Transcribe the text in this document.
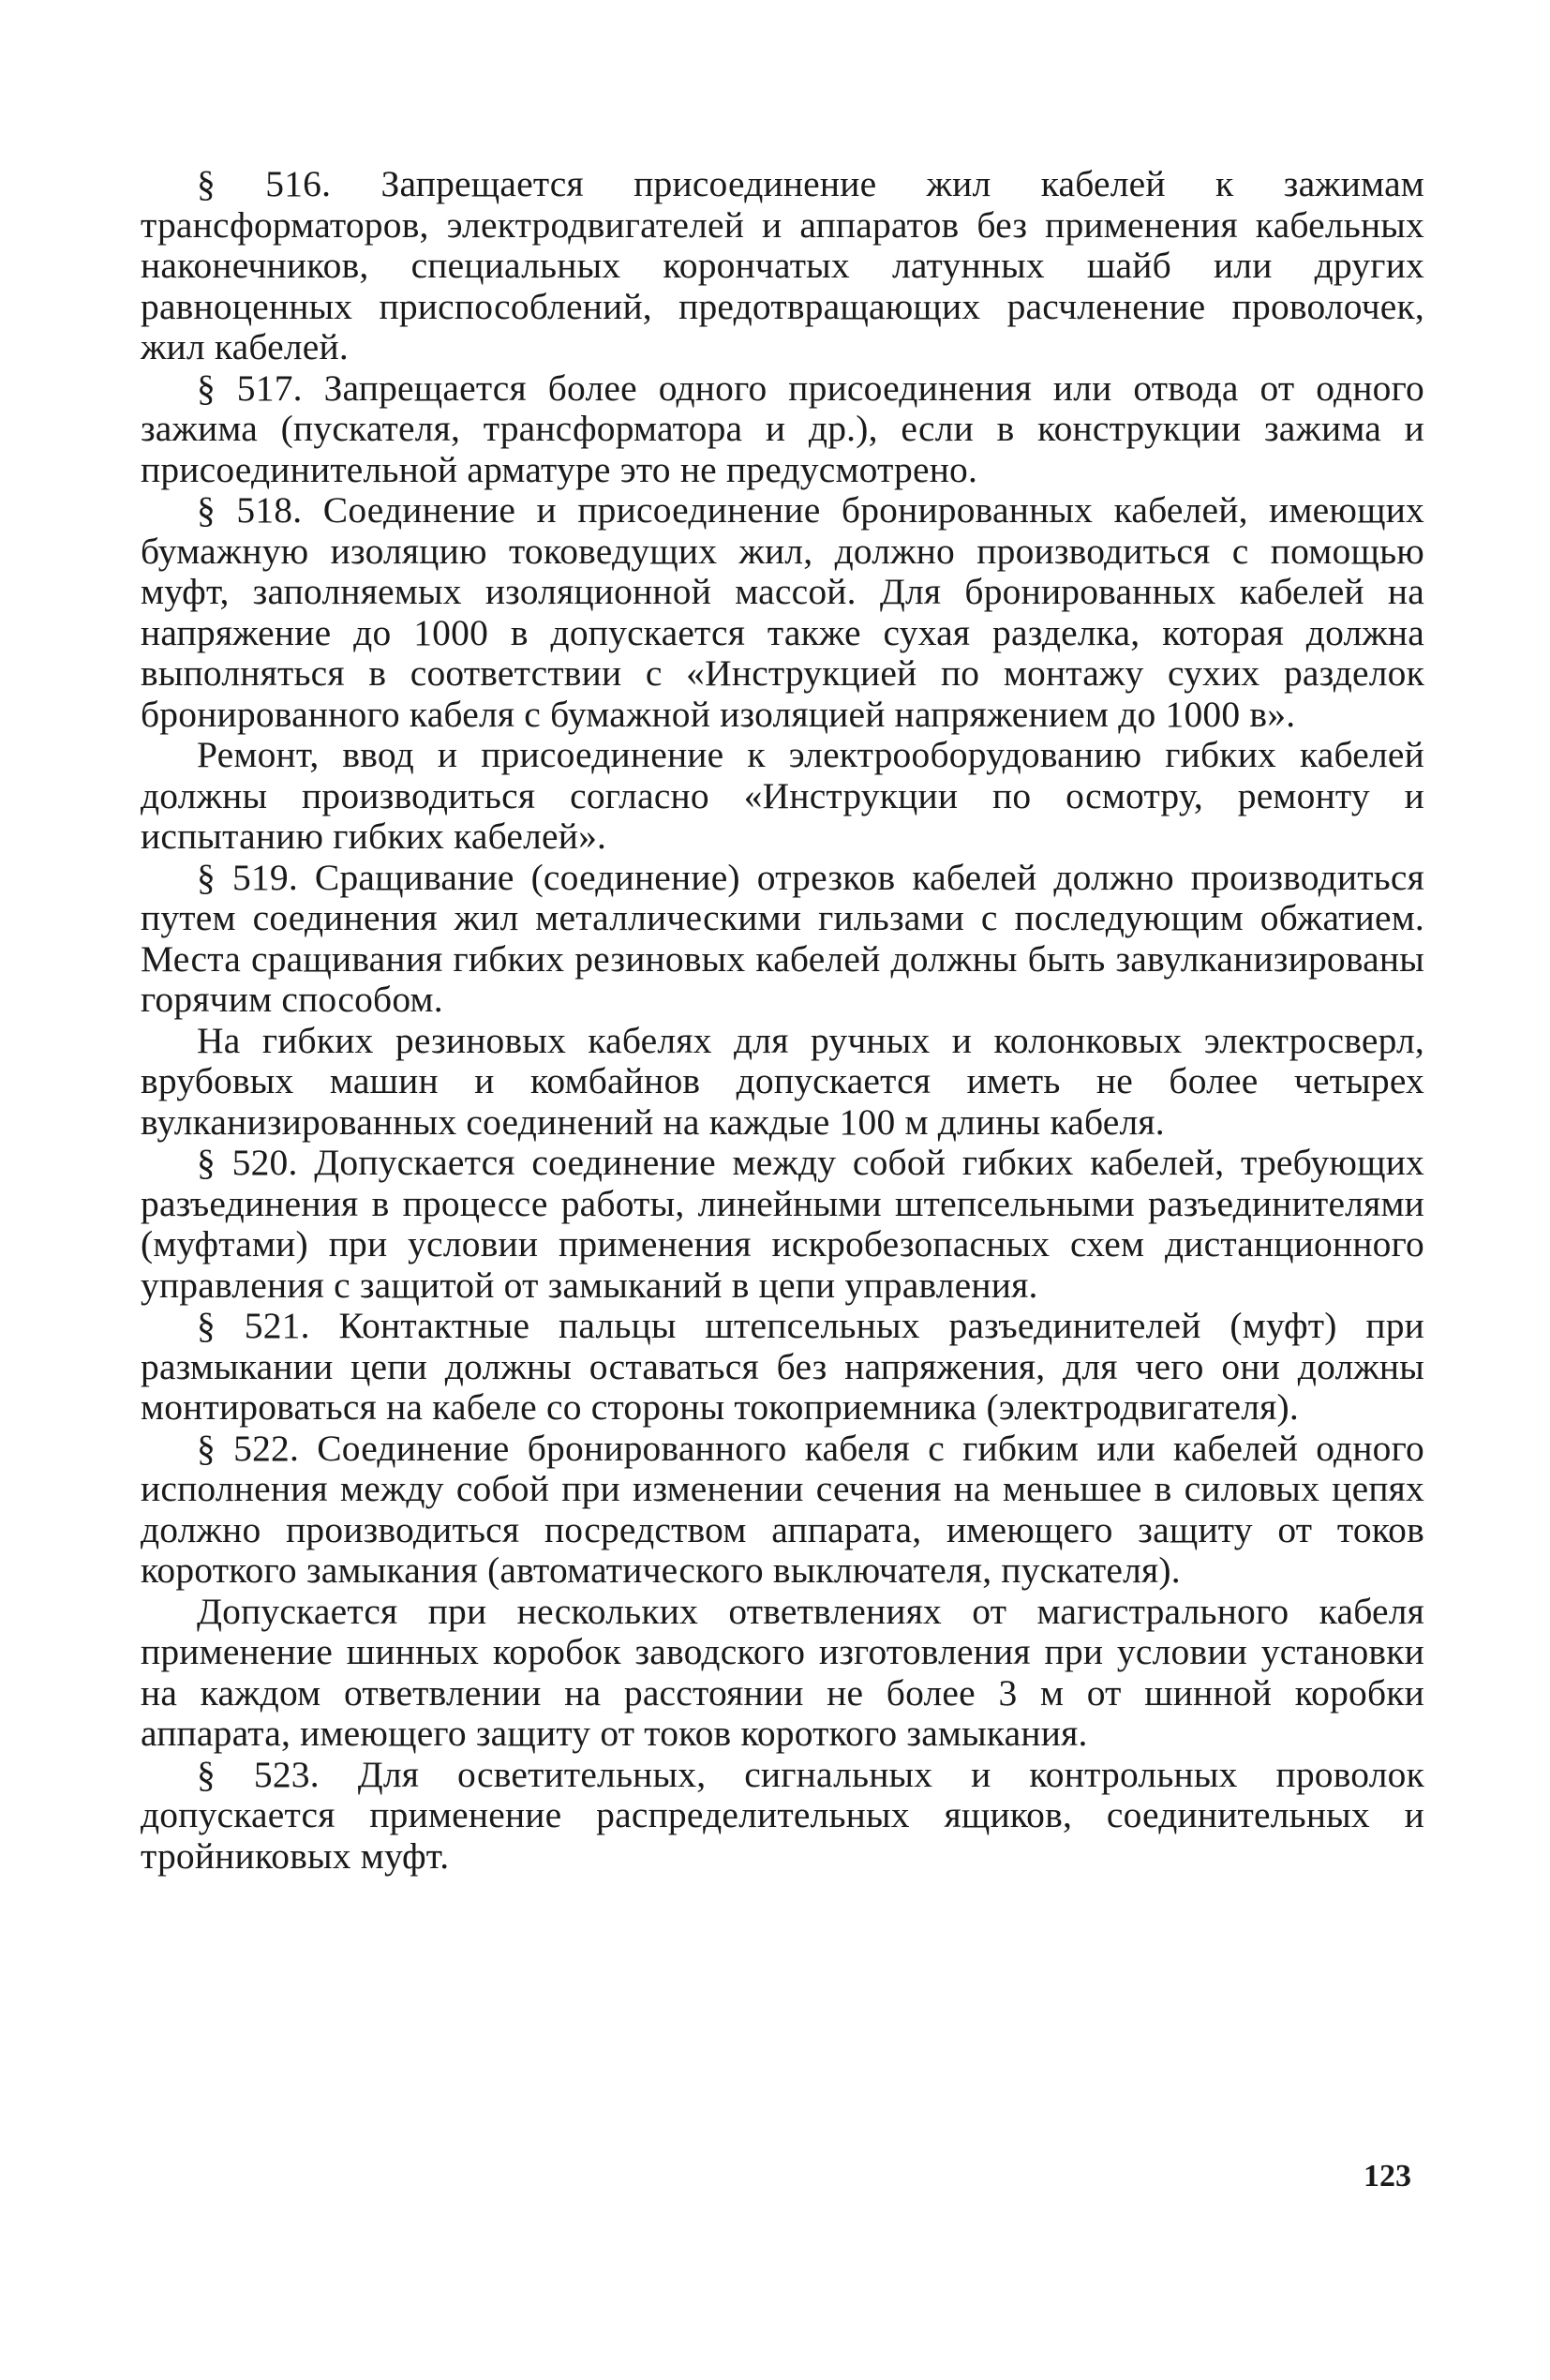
§ 516. Запрещается присоединение жил кабелей к зажимам трансформаторов, электродвигателей и аппаратов без применения кабельных наконечников, специальных корончатых латунных шайб или других равноценных приспособлений, предотвращающих расчленение проволочек, жил кабелей.

§ 517. Запрещается более одного присоединения или отвода от одного зажима (пускателя, трансформатора и др.), если в конструкции зажима и присоединительной арматуре это не предусмотрено.

§ 518. Соединение и присоединение бронированных кабелей, имеющих бумажную изоляцию токоведущих жил, должно производиться с помощью муфт, заполняемых изоляционной массой. Для бронированных кабелей на напряжение до 1000 в допускается также сухая разделка, которая должна выполняться в соответствии с «Инструкцией по монтажу сухих разделок бронированного кабеля с бумажной изоляцией напряжением до 1000 в».

Ремонт, ввод и присоединение к электрооборудованию гибких кабелей должны производиться согласно «Инструкции по осмотру, ремонту и испытанию гибких кабелей».

§ 519. Сращивание (соединение) отрезков кабелей должно производиться путем соединения жил металлическими гильзами с последующим обжатием. Места сращивания гибких резиновых кабелей должны быть завулканизированы горячим способом.

На гибких резиновых кабелях для ручных и колонковых электросверл, врубовых машин и комбайнов допускается иметь не более четырех вулканизированных соединений на каждые 100 м длины кабеля.

§ 520. Допускается соединение между собой гибких кабелей, требующих разъединения в процессе работы, линейными штепсельными разъединителями (муфтами) при условии применения искробезопасных схем дистанционного управления с защитой от замыканий в цепи управления.

§ 521. Контактные пальцы штепсельных разъединителей (муфт) при размыкании цепи должны оставаться без напряжения, для чего они должны монтироваться на кабеле со стороны токоприемника (электродвигателя).

§ 522. Соединение бронированного кабеля с гибким или кабелей одного исполнения между собой при изменении сечения на меньшее в силовых цепях должно производиться посредством аппарата, имеющего защиту от токов короткого замыкания (автоматического выключателя, пускателя).

Допускается при нескольких ответвлениях от магистрального кабеля применение шинных коробок заводского изготовления при условии установки на каждом ответвлении на расстоянии не более 3 м от шинной коробки аппарата, имеющего защиту от токов короткого замыкания.

§ 523. Для осветительных, сигнальных и контрольных проволок допускается применение распределительных ящиков, соединительных и тройниковых муфт.

123
